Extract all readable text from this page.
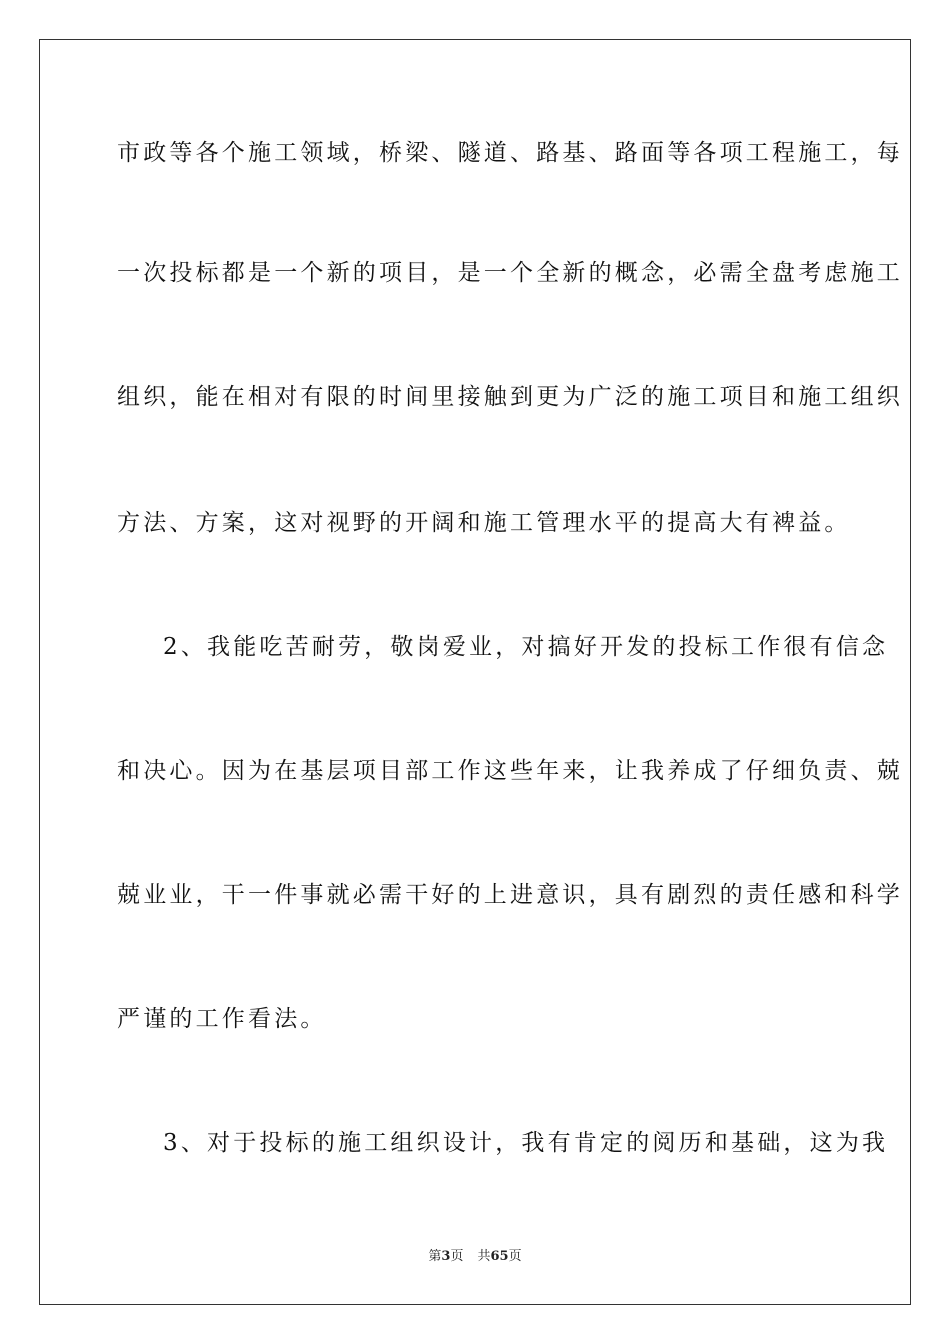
市政等各个施工领域，桥梁、隧道、路基、路面等各项工程施工，每
一次投标都是一个新的项目，是一个全新的概念，必需全盘考虑施工
组织，能在相对有限的时间里接触到更为广泛的施工项目和施工组织
方法、方案，这对视野的开阔和施工管理水平的提高大有裨益。
2、我能吃苦耐劳，敬岗爱业，对搞好开发的投标工作很有信念
和决心。因为在基层项目部工作这些年来，让我养成了仔细负责、兢
兢业业，干一件事就必需干好的上进意识，具有剧烈的责任感和科学
严谨的工作看法。
3、对于投标的施工组织设计，我有肯定的阅历和基础，这为我
第3页 共65页
